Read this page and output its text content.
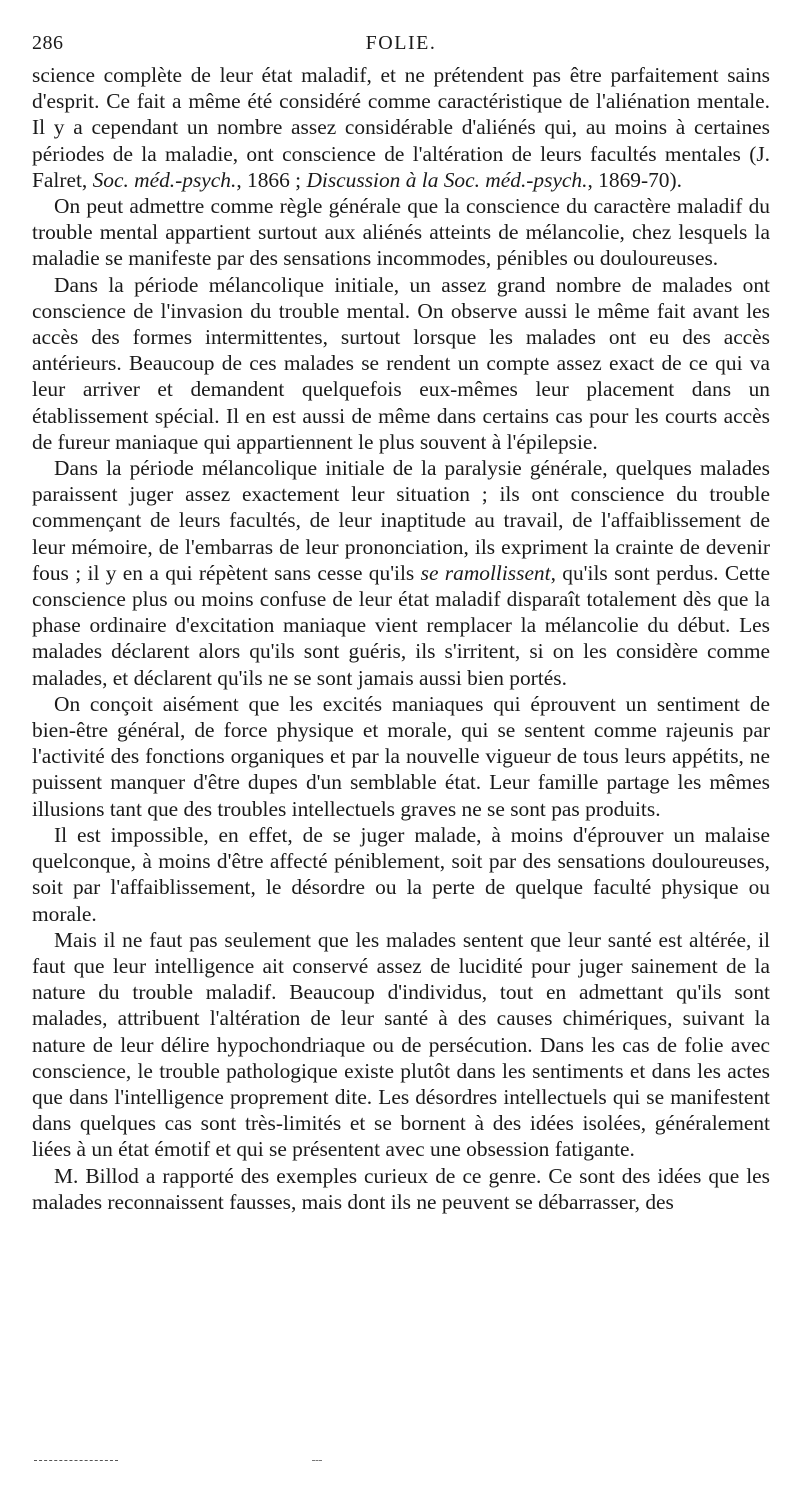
286	FOLIE.

science complète de leur état maladif, et ne prétendent pas être parfaitement sains d'esprit. Ce fait a même été considéré comme caractéristique de l'aliénation mentale. Il y a cependant un nombre assez considérable d'aliénés qui, au moins à certaines périodes de la maladie, ont conscience de l'altération de leurs facultés mentales (J. Falret, Soc. méd.-psych., 1866 ; Discussion à la Soc. méd.-psych., 1869-70).

On peut admettre comme règle générale que la conscience du caractère maladif du trouble mental appartient surtout aux aliénés atteints de mélancolie, chez lesquels la maladie se manifeste par des sensations incommodes, pénibles ou douloureuses.

Dans la période mélancolique initiale, un assez grand nombre de malades ont conscience de l'invasion du trouble mental. On observe aussi le même fait avant les accès des formes intermittentes, surtout lorsque les malades ont eu des accès antérieurs. Beaucoup de ces malades se rendent un compte assez exact de ce qui va leur arriver et demandent quelquefois eux-mêmes leur placement dans un établissement spécial. Il en est aussi de même dans certains cas pour les courts accès de fureur maniaque qui appartiennent le plus souvent à l'épilepsie.

Dans la période mélancolique initiale de la paralysie générale, quelques malades paraissent juger assez exactement leur situation ; ils ont conscience du trouble commençant de leurs facultés, de leur inaptitude au travail, de l'affaiblissement de leur mémoire, de l'embarras de leur prononciation, ils expriment la crainte de devenir fous ; il y en a qui répètent sans cesse qu'ils se ramollissent, qu'ils sont perdus. Cette conscience plus ou moins confuse de leur état maladif disparaît totalement dès que la phase ordinaire d'excitation maniaque vient remplacer la mélancolie du début. Les malades déclarent alors qu'ils sont guéris, ils s'irritent, si on les considère comme malades, et déclarent qu'ils ne se sont jamais aussi bien portés.

On conçoit aisément que les excités maniaques qui éprouvent un sentiment de bien-être général, de force physique et morale, qui se sentent comme rajeunis par l'activité des fonctions organiques et par la nouvelle vigueur de tous leurs appétits, ne puissent manquer d'être dupes d'un semblable état. Leur famille partage les mêmes illusions tant que des troubles intellectuels graves ne se sont pas produits.

Il est impossible, en effet, de se juger malade, à moins d'éprouver un malaise quelconque, à moins d'être affecté péniblement, soit par des sensations douloureuses, soit par l'affaiblissement, le désordre ou la perte de quelque faculté physique ou morale.

Mais il ne faut pas seulement que les malades sentent que leur santé est altérée, il faut que leur intelligence ait conservé assez de lucidité pour juger sainement de la nature du trouble maladif. Beaucoup d'individus, tout en admettant qu'ils sont malades, attribuent l'altération de leur santé à des causes chimériques, suivant la nature de leur délire hypochondriaque ou de persécution. Dans les cas de folie avec conscience, le trouble pathologique existe plutôt dans les sentiments et dans les actes que dans l'intelligence proprement dite. Les désordres intellectuels qui se manifestent dans quelques cas sont très-limités et se bornent à des idées isolées, généralement liées à un état émotif et qui se présentent avec une obsession fatigante.

M. Billod a rapporté des exemples curieux de ce genre. Ce sont des idées que les malades reconnaissent fausses, mais dont ils ne peuvent se débarrasser, des
